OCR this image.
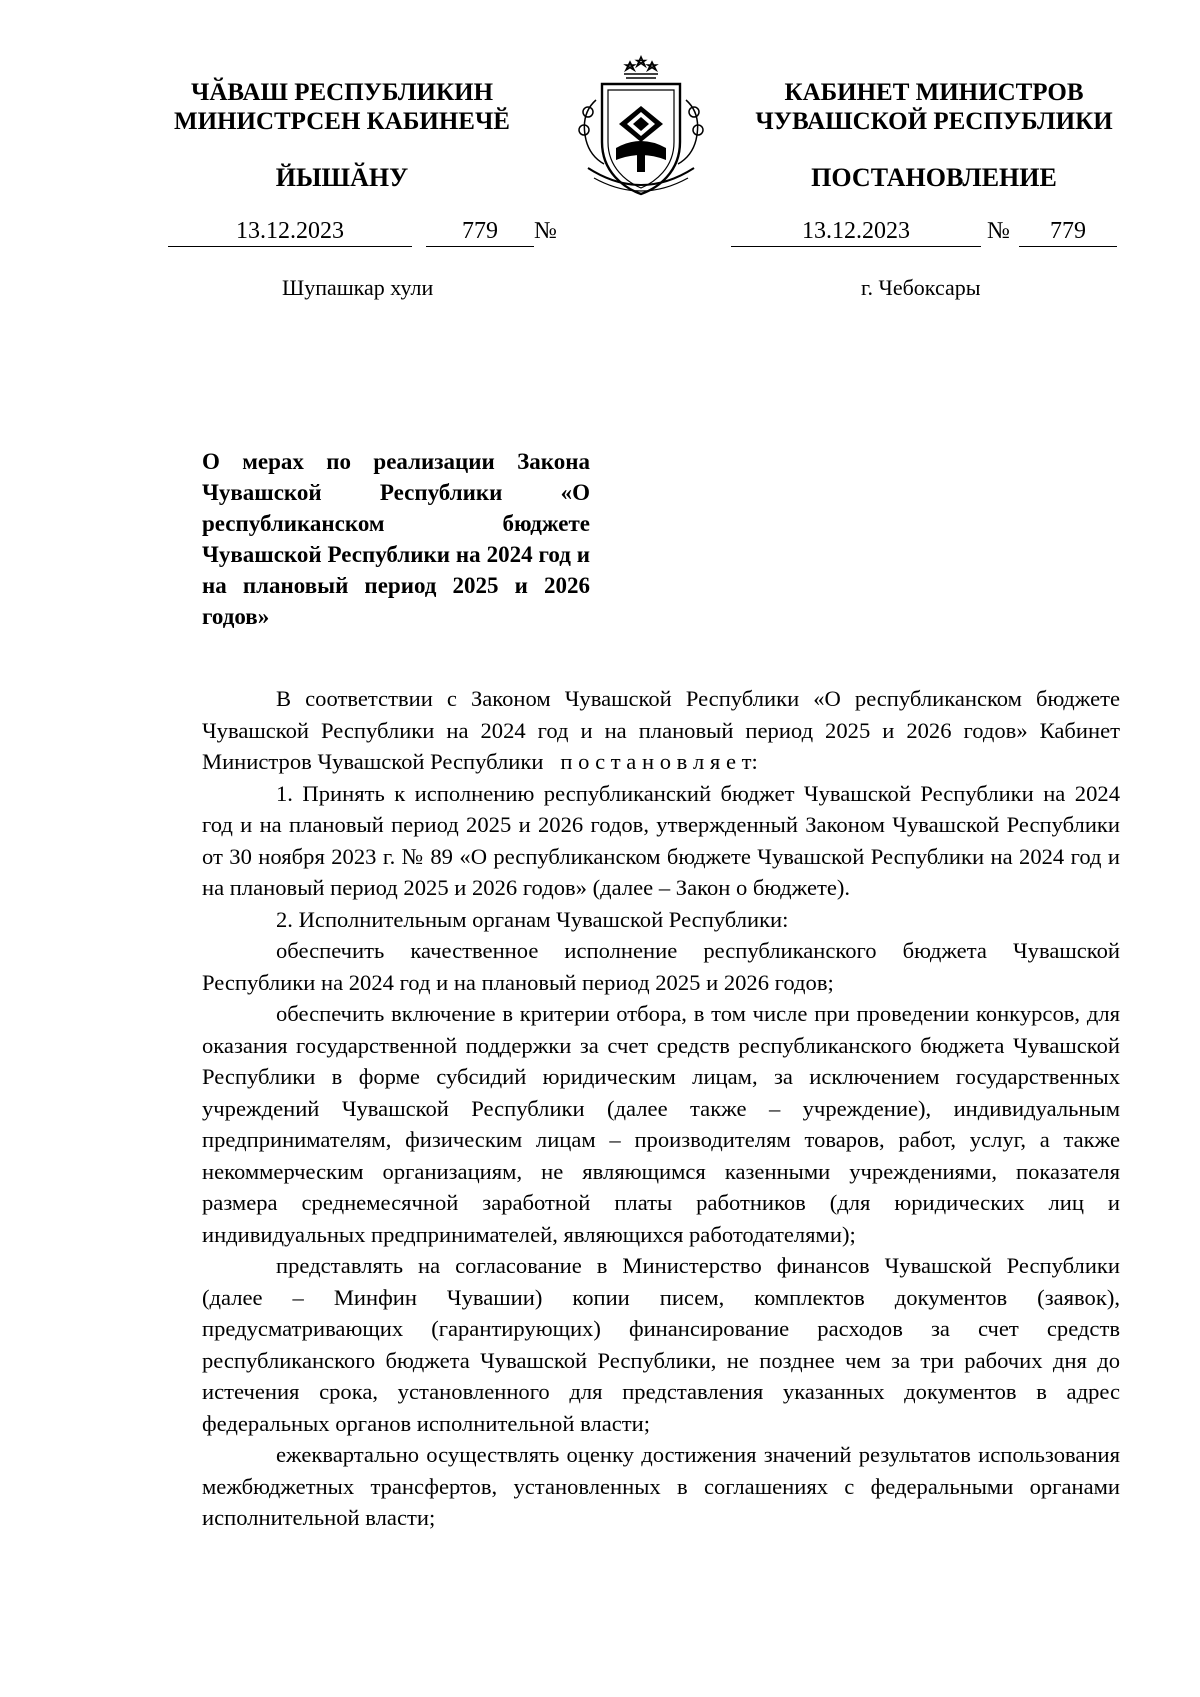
ЧӐВАШ РЕСПУБЛИКИН
МИНИСТРСЕН КАБИНЕЧӖ
ЙЫШӐНУ
КАБИНЕТ МИНИСТРОВ
ЧУВАШСКОЙ РЕСПУБЛИКИ
ПОСТАНОВЛЕНИЕ
13.12.2023	779	№	13.12.2023	№	779
Шупашкар хули	г. Чебоксары
О мерах по реализации Закона Чувашской Республики «О республиканском бюджете Чувашской Республики на 2024 год и на плановый период 2025 и 2026 годов»

В соответствии с Законом Чувашской Республики «О республиканском бюджете Чувашской Республики на 2024 год и на плановый период 2025 и 2026 годов» Кабинет Министров Чувашской Республики п о с т а н о в л я е т:

1. Принять к исполнению республиканский бюджет Чувашской Республики на 2024 год и на плановый период 2025 и 2026 годов, утвержденный Законом Чувашской Республики от 30 ноября 2023 г. № 89 «О республиканском бюджете Чувашской Республики на 2024 год и на плановый период 2025 и 2026 годов» (далее – Закон о бюджете).

2. Исполнительным органам Чувашской Республики:

обеспечить качественное исполнение республиканского бюджета Чувашской Республики на 2024 год и на плановый период 2025 и 2026 годов;

обеспечить включение в критерии отбора, в том числе при проведении конкурсов, для оказания государственной поддержки за счет средств республиканского бюджета Чувашской Республики в форме субсидий юридическим лицам, за исключением государственных учреждений Чувашской Республики (далее также – учреждение), индивидуальным предпринимателям, физическим лицам – производителям товаров, работ, услуг, а также некоммерческим организациям, не являющимся казенными учреждениями, показателя размера среднемесячной заработной платы работников (для юридических лиц и индивидуальных предпринимателей, являющихся работодателями);

представлять на согласование в Министерство финансов Чувашской Республики (далее – Минфин Чувашии) копии писем, комплектов документов (заявок), предусматривающих (гарантирующих) финансирование расходов за счет средств республиканского бюджета Чувашской Республики, не позднее чем за три рабочих дня до истечения срока, установленного для представления указанных документов в адрес федеральных органов исполнительной власти;

ежеквартально осуществлять оценку достижения значений результатов использования межбюджетных трансфертов, установленных в соглашениях с федеральными органами исполнительной власти;
